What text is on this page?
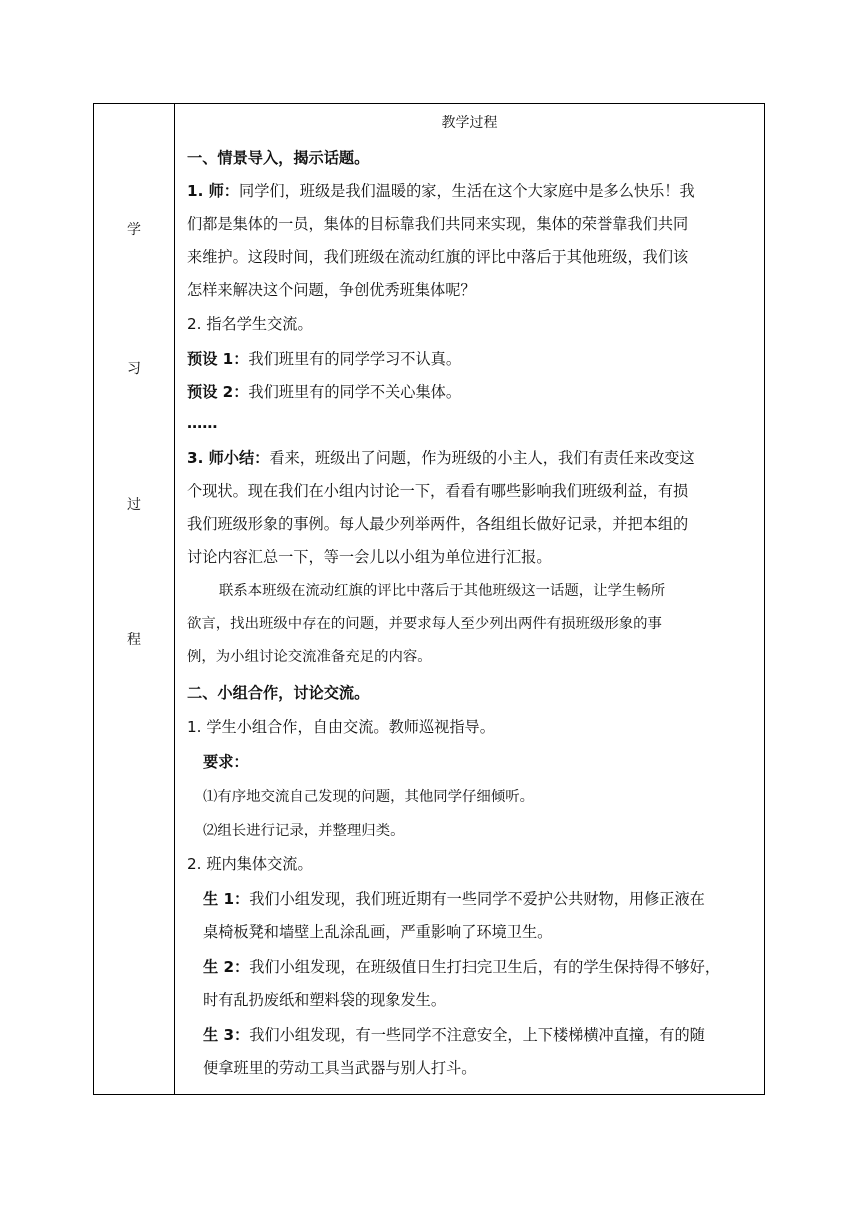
学
习
过
程
教学过程
一、情景导入，揭示话题。
1. 师：同学们，班级是我们温暖的家，生活在这个大家庭中是多么快乐！我
们都是集体的一员，集体的目标靠我们共同来实现，集体的荣誉靠我们共同
来维护。这段时间，我们班级在流动红旗的评比中落后于其他班级，我们该
怎样来解决这个问题，争创优秀班集体呢？
2. 指名学生交流。
预设 1：我们班里有的同学学习不认真。
预设 2：我们班里有的同学不关心集体。
……
3. 师小结：看来，班级出了问题，作为班级的小主人，我们有责任来改变这
个现状。现在我们在小组内讨论一下，看看有哪些影响我们班级利益，有损
我们班级形象的事例。每人最少列举两件，各组组长做好记录，并把本组的
讨论内容汇总一下，等一会儿以小组为单位进行汇报。
联系本班级在流动红旗的评比中落后于其他班级这一话题，让学生畅所
欲言，找出班级中存在的问题，并要求每人至少列出两件有损班级形象的事
例，为小组讨论交流准备充足的内容。
二、小组合作，讨论交流。
1. 学生小组合作，自由交流。教师巡视指导。
要求：
⑴有序地交流自己发现的问题，其他同学仔细倾听。
⑵组长进行记录，并整理归类。
2. 班内集体交流。
生 1：我们小组发现，我们班近期有一些同学不爱护公共财物，用修正液在
桌椅板凳和墙壁上乱涂乱画，严重影响了环境卫生。
生 2：我们小组发现，在班级值日生打扫完卫生后，有的学生保持得不够好，
时有乱扔废纸和塑料袋的现象发生。
生 3：我们小组发现，有一些同学不注意安全，上下楼梯横冲直撞，有的随
便拿班里的劳动工具当武器与别人打斗。
